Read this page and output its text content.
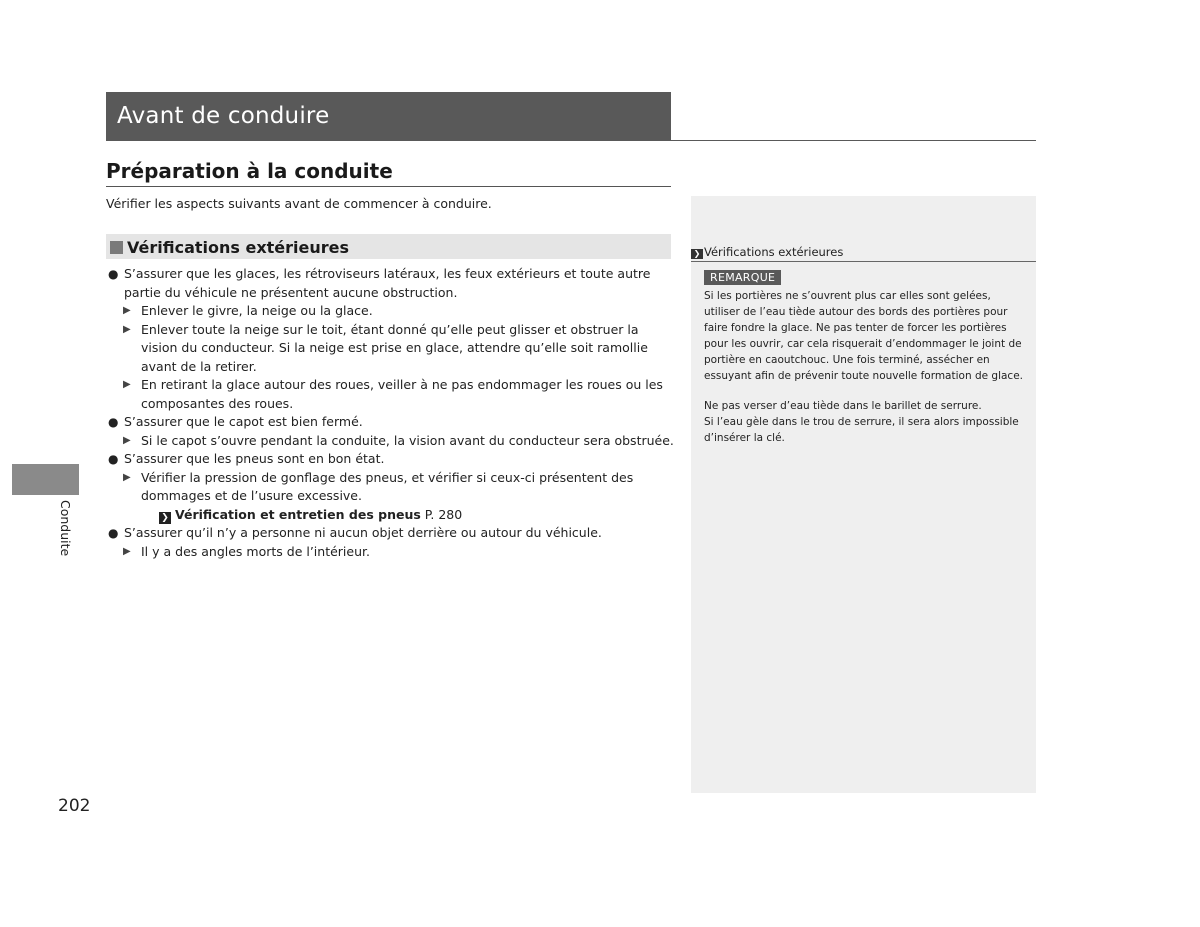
Avant de conduire
Préparation à la conduite
Vérifier les aspects suivants avant de commencer à conduire.
Vérifications extérieures
● S’assurer que les glaces, les rétroviseurs latéraux, les feux extérieurs et toute autre partie du véhicule ne présentent aucune obstruction.
▶ Enlever le givre, la neige ou la glace.
▶ Enlever toute la neige sur le toit, étant donné qu’elle peut glisser et obstruer la vision du conducteur. Si la neige est prise en glace, attendre qu’elle soit ramollie avant de la retirer.
▶ En retirant la glace autour des roues, veiller à ne pas endommager les roues ou les composantes des roues.
● S’assurer que le capot est bien fermé.
▶ Si le capot s’ouvre pendant la conduite, la vision avant du conducteur sera obstruée.
● S’assurer que les pneus sont en bon état.
▶ Vérifier la pression de gonflage des pneus, et vérifier si ceux-ci présentent des dommages et de l’usure excessive.
❯ Vérification et entretien des pneus P. 280
● S’assurer qu’il n’y a personne ni aucun objet derrière ou autour du véhicule.
▶ Il y a des angles morts de l’intérieur.
❯ Vérifications extérieures
REMARQUE

Si les portières ne s’ouvrent plus car elles sont gelées, utiliser de l’eau tiède autour des bords des portières pour faire fondre la glace. Ne pas tenter de forcer les portières pour les ouvrir, car cela risquerait d’endommager le joint de portière en caoutchouc. Une fois terminé, assécher en essuyant afin de prévenir toute nouvelle formation de glace.

Ne pas verser d’eau tiède dans le barillet de serrure.
Si l’eau gèle dans le trou de serrure, il sera alors impossible d’insérer la clé.

Conduite
202
